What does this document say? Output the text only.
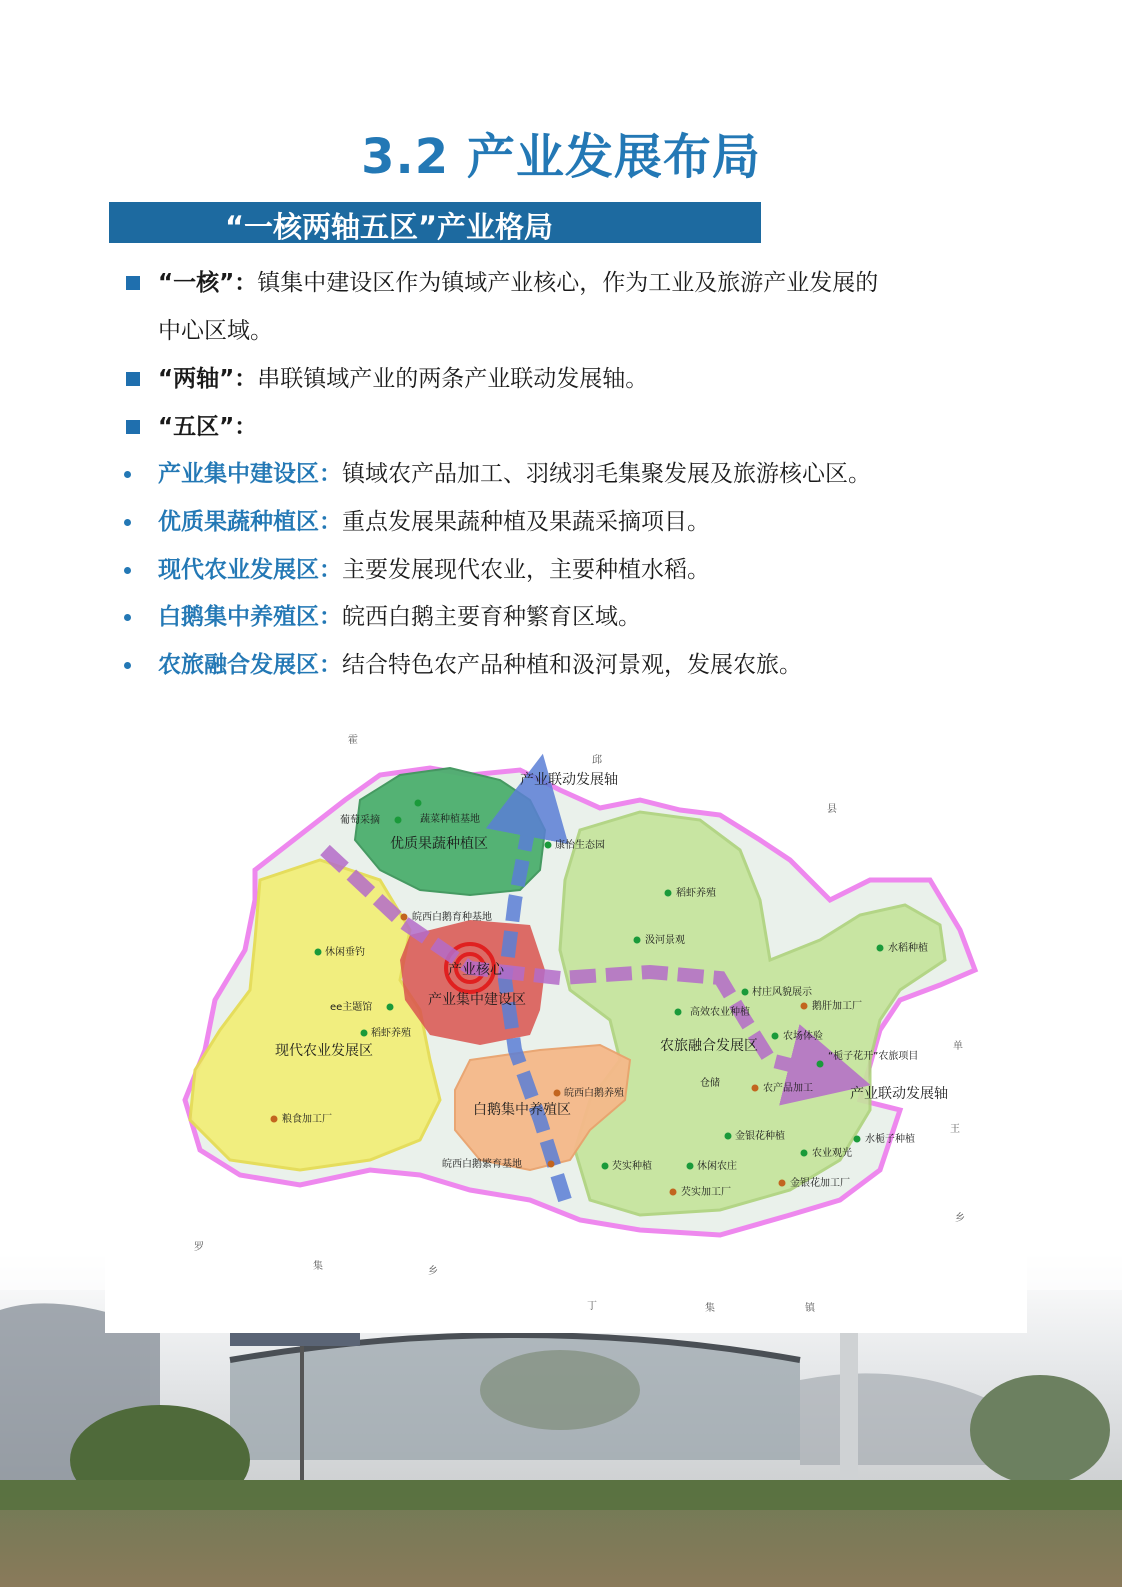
3.2 产业发展布局
“一核两轴五区”产业格局
“一核”：镇集中建设区作为镇域产业核心，作为工业及旅游产业发展的
中心区域。
“两轴”：串联镇域产业的两条产业联动发展轴。
“五区”：
产业集中建设区：镇域农产品加工、羽绒羽毛集聚发展及旅游核心区。
优质果蔬种植区：重点发展果蔬种植及果蔬采摘项目。
现代农业发展区：主要发展现代农业，主要种植水稻。
白鹅集中养殖区：皖西白鹅主要育种繁育区域。
农旅融合发展区：结合特色农产品种植和汲河景观，发展农旅。
优质果蔬种植区
现代农业发展区
产业集中建设区
白鹅集中养殖区
农旅融合发展区
产业核心
产业联动发展轴
产业联动发展轴
葡萄采摘	蔬菜种植基地
康怡生态园
休闲垂钓
ee主题馆
稻虾养殖
稻虾养殖
汲河景观
水稻种植
村庄风貌展示
高效农业种植
农场体验
“栀子花开”农旅项目
金银花种植	水栀子种植
农业观光
芡实种植	休闲农庄
皖西白鹅育种基地
粮食加工厂
鹅肝加工厂
仓储	农产品加工
皖西白鹅养殖
皖西白鹅繁育基地
芡实加工厂
金银花加工厂
霍
邱
县
单
王
乡
罗
集	乡
丁	集	镇
